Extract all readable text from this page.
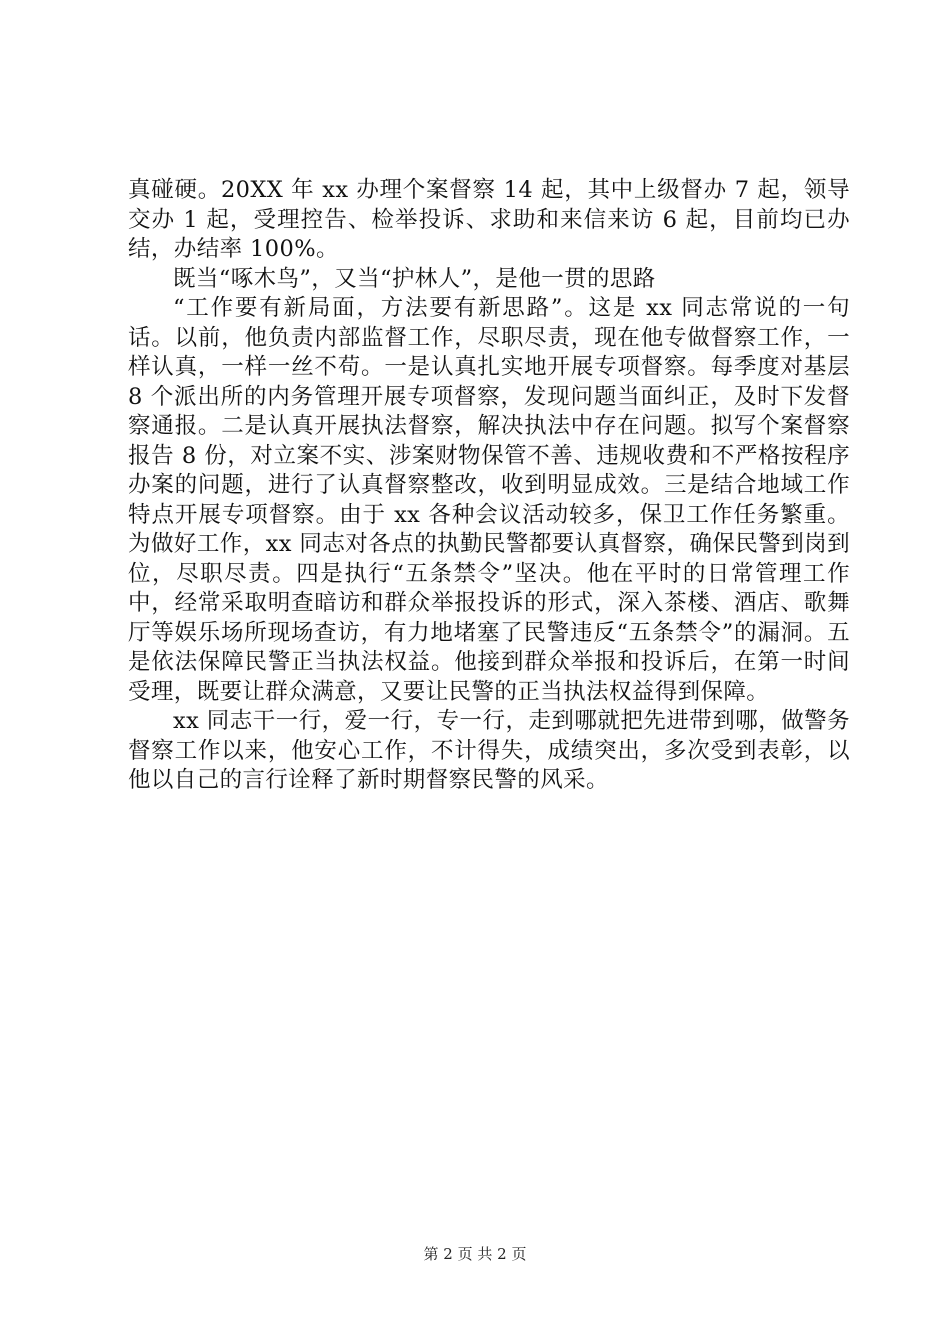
真碰硬。20XX 年 xx 办理个案督察 14 起，其中上级督办 7 起，领导交办 1 起，受理控告、检举投诉、求助和来信来访 6 起，目前均已办结，办结率 100%。

既当“啄木鸟”，又当“护林人”，是他一贯的思路

“工作要有新局面，方法要有新思路”。这是 xx 同志常说的一句话。以前，他负责内部监督工作，尽职尽责，现在他专做督察工作，一样认真，一样一丝不苟。一是认真扎实地开展专项督察。每季度对基层 8 个派出所的内务管理开展专项督察，发现问题当面纠正，及时下发督察通报。二是认真开展执法督察，解决执法中存在问题。拟写个案督察报告 8 份，对立案不实、涉案财物保管不善、违规收费和不严格按程序办案的问题，进行了认真督察整改，收到明显成效。三是结合地域工作特点开展专项督察。由于 xx 各种会议活动较多，保卫工作任务繁重。为做好工作，xx 同志对各点的执勤民警都要认真督察，确保民警到岗到位，尽职尽责。四是执行“五条禁令”坚决。他在平时的日常管理工作中，经常采取明查暗访和群众举报投诉的形式，深入茶楼、酒店、歌舞厅等娱乐场所现场查访，有力地堵塞了民警违反“五条禁令”的漏洞。五是依法保障民警正当执法权益。他接到群众举报和投诉后，在第一时间受理，既要让群众满意，又要让民警的正当执法权益得到保障。

xx 同志干一行，爱一行，专一行，走到哪就把先进带到哪，做警务督察工作以来，他安心工作，不计得失，成绩突出，多次受到表彰，以他以自己的言行诠释了新时期督察民警的风采。

第 2 页 共 2 页
